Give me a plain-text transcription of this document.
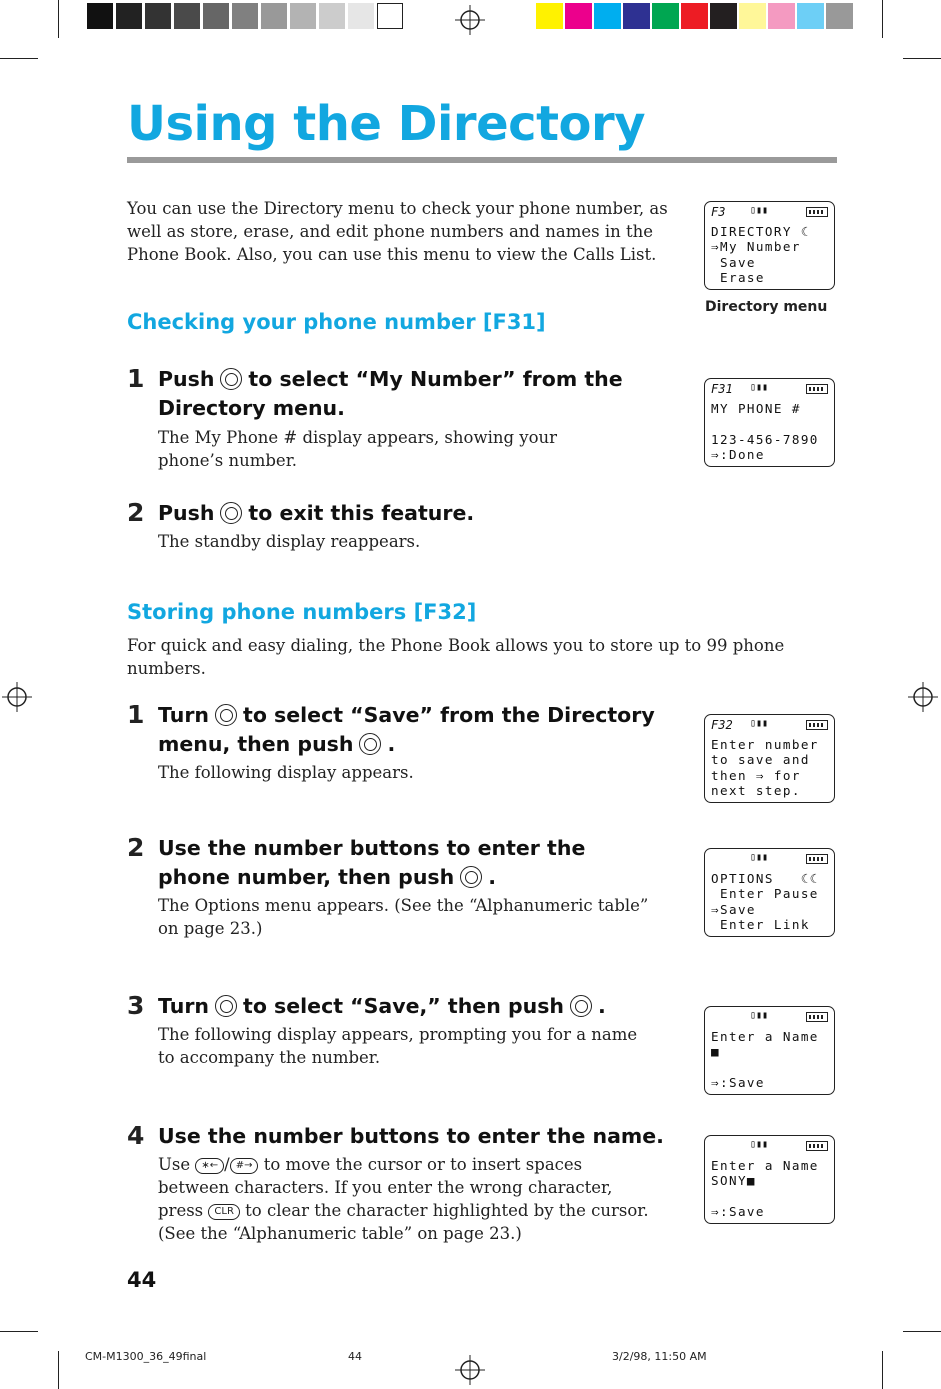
Using the Directory
You can use the Directory menu to check your phone number, as well as store, erase, and edit phone numbers and names in the Phone Book. Also, you can use this menu to view the Calls List.
Checking your phone number [F31]
1 Push to select “My Number” from the Directory menu.
The My Phone # display appears, showing your phone’s number.
2 Push to exit this feature.
The standby display reappears.
Storing phone numbers [F32]
For quick and easy dialing, the Phone Book allows you to store up to 99 phone numbers.
1 Turn to select “Save” from the Directory menu, then push .
The following display appears.
2 Use the number buttons to enter the phone number, then push .
The Options menu appears. (See the “Alphanumeric table” on page 23.)
3 Turn to select “Save,” then push .
The following display appears, prompting you for a name to accompany the number.
4 Use the number buttons to enter the name.
Use ∗← / #→ to move the cursor or to insert spaces between characters. If you enter the wrong character, press CLR to clear the character highlighted by the cursor. (See the “Alphanumeric table” on page 23.)
F3 ▯▮▮
DIRECTORY ☾
⇒My Number
Save
Erase
Directory menu
F31 ▯▮▮
MY PHONE #
123-456-7890
⇒:Done
F32 ▯▮▮
Enter number
to save and
then ⇒ for
next step.
▯▮▮
OPTIONS   ☾☾
Enter Pause
⇒Save
Enter Link
▯▮▮
Enter a Name
■
⇒:Save
▯▮▮
Enter a Name
SONY■
⇒:Save
44
CM-M1300_36_49final	44	3/2/98, 11:50 AM
